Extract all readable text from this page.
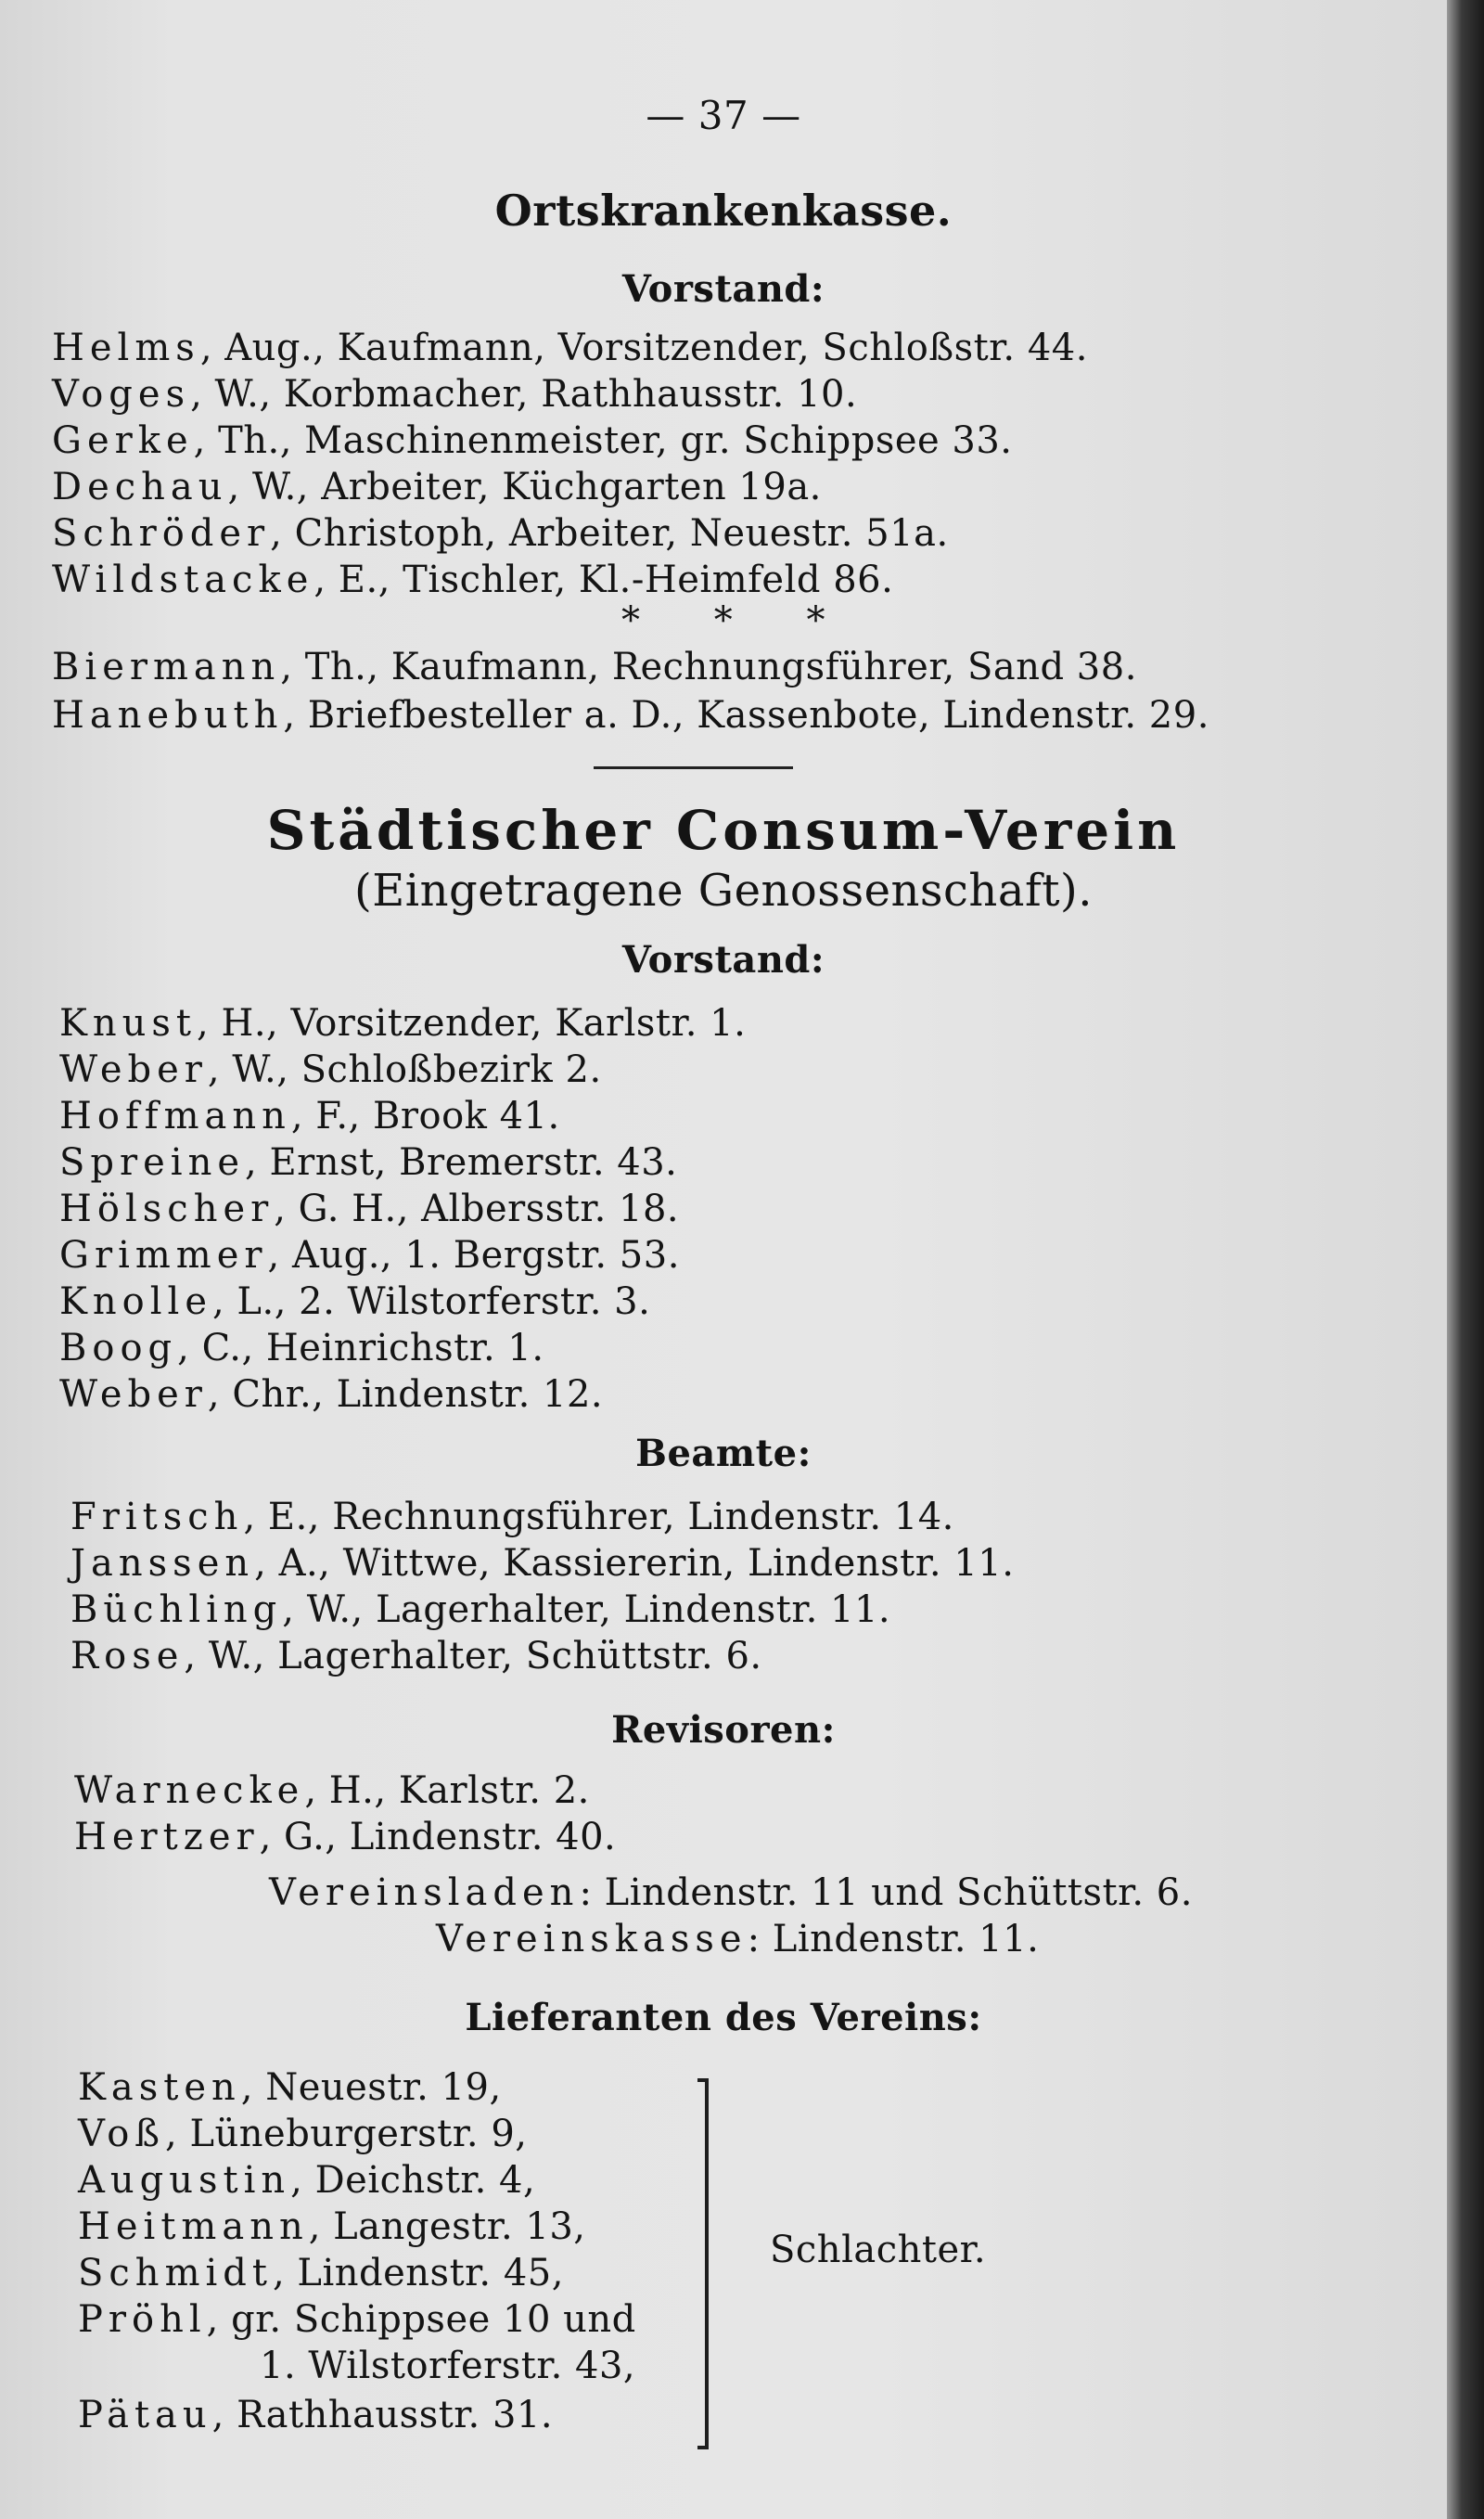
— 37 —
Ortskrankenkasse.
Vorstand:
Helms, Aug., Kaufmann, Vorsitzender, Schloßstr. 44.
Voges, W., Korbmacher, Rathhausstr. 10.
Gerke, Th., Maschinenmeister, gr. Schippsee 33.
Dechau, W., Arbeiter, Küchgarten 19a.
Schröder, Christoph, Arbeiter, Neuestr. 51a.
Wildstacke, E., Tischler, Kl.-Heimfeld 86.
*      *      *
Biermann, Th., Kaufmann, Rechnungsführer, Sand 38.
Hanebuth, Briefbesteller a. D., Kassenbote, Lindenstr. 29.
Städtischer Consum-Verein
(Eingetragene Genossenschaft).
Vorstand:
Knust, H., Vorsitzender, Karlstr. 1.
Weber, W., Schloßbezirk 2.
Hoffmann, F., Brook 41.
Spreine, Ernst, Bremerstr. 43.
Hölscher, G. H., Albersstr. 18.
Grimmer, Aug., 1. Bergstr. 53.
Knolle, L., 2. Wilstorferstr. 3.
Boog, C., Heinrichstr. 1.
Weber, Chr., Lindenstr. 12.
Beamte:
Fritsch, E., Rechnungsführer, Lindenstr. 14.
Janssen, A., Wittwe, Kassiererin, Lindenstr. 11.
Büchling, W., Lagerhalter, Lindenstr. 11.
Rose, W., Lagerhalter, Schüttstr. 6.
Revisoren:
Warnecke, H., Karlstr. 2.
Hertzer, G., Lindenstr. 40.
Vereinsladen: Lindenstr. 11 und Schüttstr. 6.
Vereinskasse: Lindenstr. 11.
Lieferanten des Vereins:
Kasten, Neuestr. 19,
Voß, Lüneburgerstr. 9,
Augustin, Deichstr. 4,
Heitmann, Langestr. 13,
Schmidt, Lindenstr. 45,
Pröhl, gr. Schippsee 10 und
1. Wilstorferstr. 43,
Pätau, Rathhausstr. 31.
Schlachter.
